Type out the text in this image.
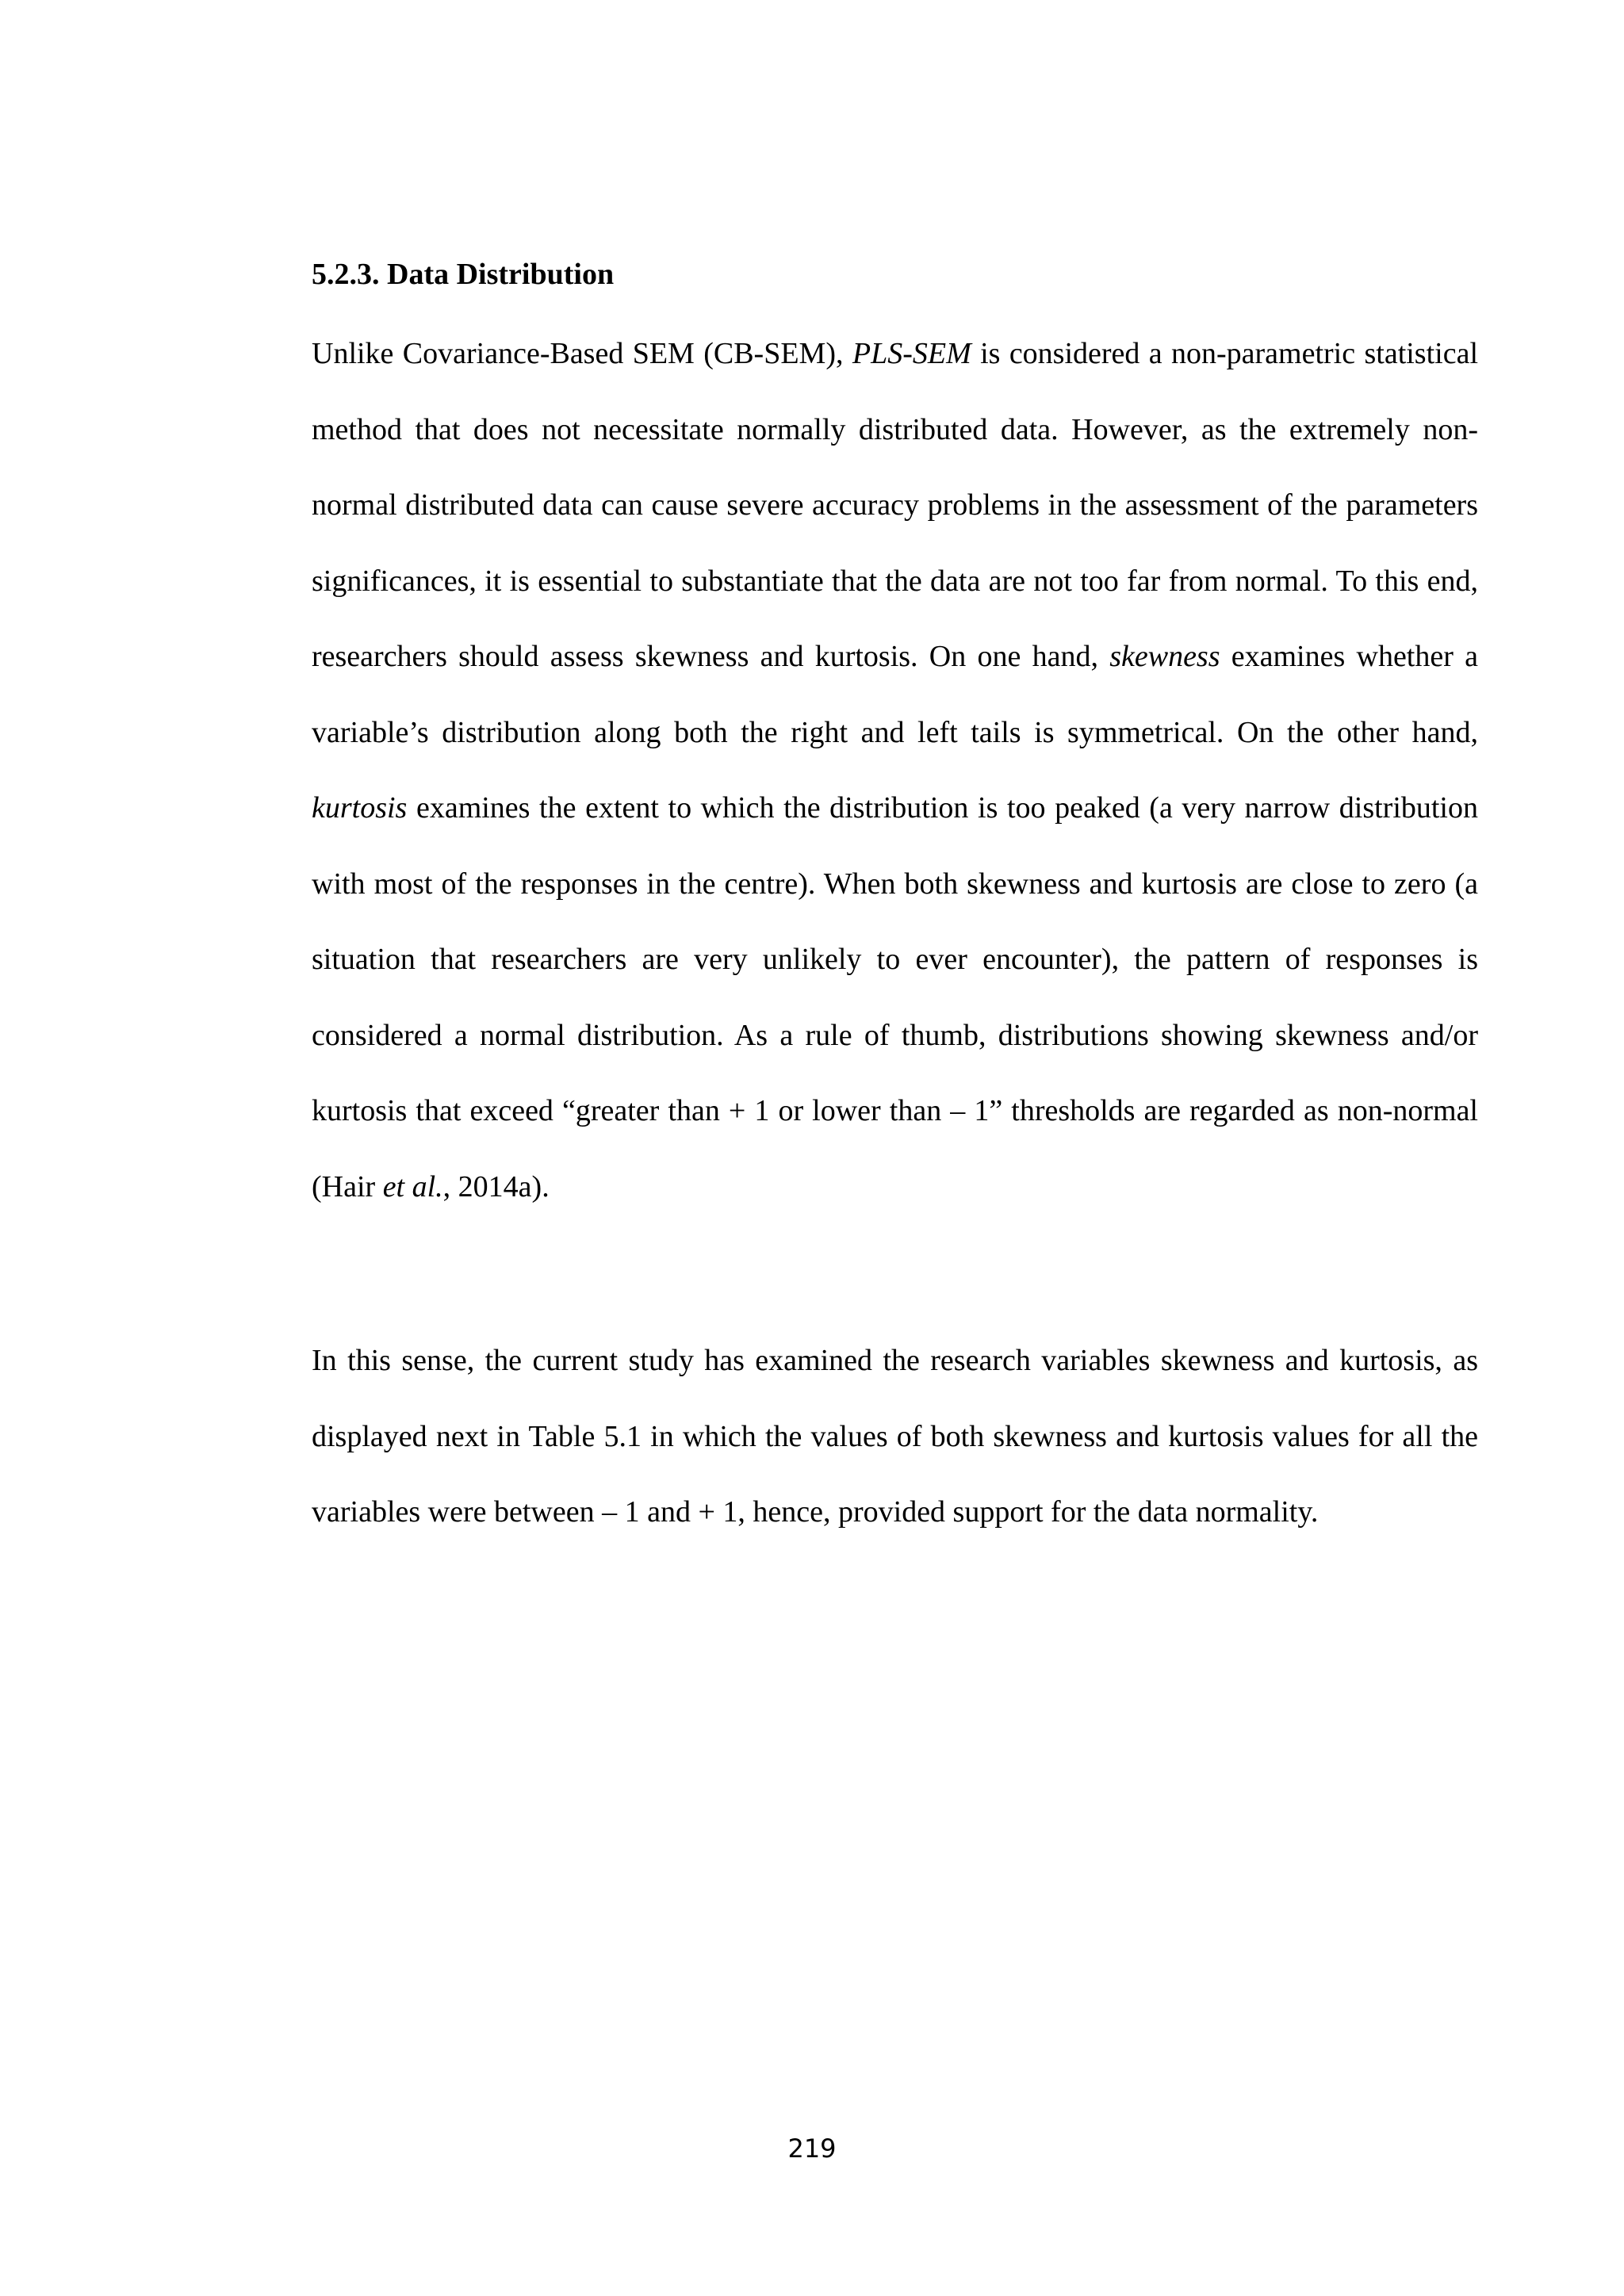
5.2.3. Data Distribution

Unlike Covariance-Based SEM (CB-SEM), PLS-SEM is considered a non-parametric statistical method that does not necessitate normally distributed data. However, as the extremely non-normal distributed data can cause severe accuracy problems in the assessment of the parameters significances, it is essential to substantiate that the data are not too far from normal. To this end, researchers should assess skewness and kurtosis. On one hand, skewness examines whether a variable’s distribution along both the right and left tails is symmetrical. On the other hand, kurtosis examines the extent to which the distribution is too peaked (a very narrow distribution with most of the responses in the centre). When both skewness and kurtosis are close to zero (a situation that researchers are very unlikely to ever encounter), the pattern of responses is considered a normal distribution. As a rule of thumb, distributions showing skewness and/or kurtosis that exceed “greater than + 1 or lower than – 1” thresholds are regarded as non-normal (Hair et al., 2014a).

In this sense, the current study has examined the research variables skewness and kurtosis, as displayed next in Table 5.1 in which the values of both skewness and kurtosis values for all the variables were between – 1 and + 1, hence, provided support for the data normality.

219
